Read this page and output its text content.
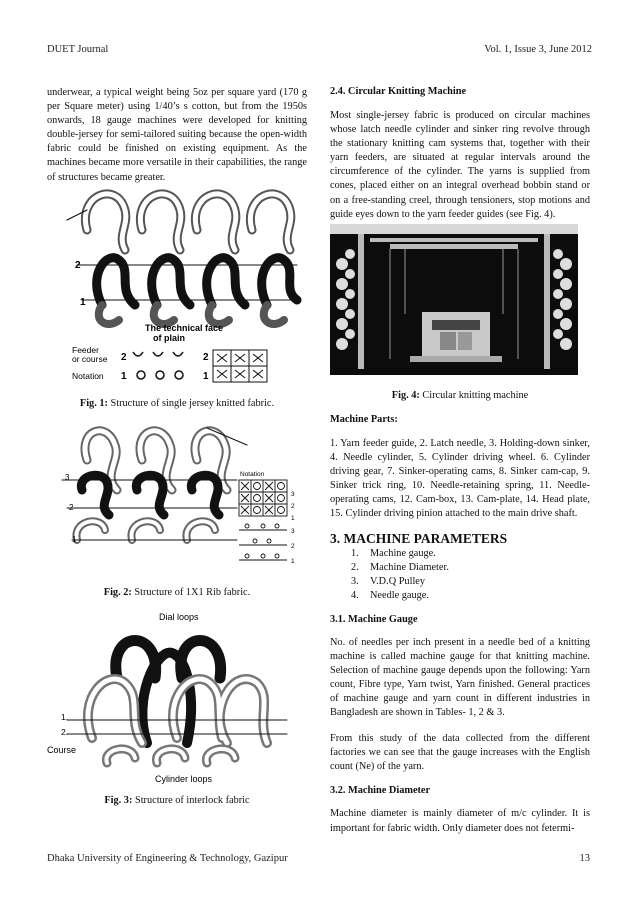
DUET Journal	Vol. 1, Issue 3, June 2012

underwear, a typical weight being 5oz per square yard (170 g per Square meter) using 1/40’s s cotton, but from the 1950s onwards, 18 gauge machines were developed for knitting double-jersey for semi-tailored suiting because the open-width fabric could be finished on existing equipment. As the machines became more versatile in their capabilities, the range of structures became greater.

2
1
The technical face
of plain
Feeder
or course
Notation
2
1
2
1
Fig. 1: Structure of single jersey knitted fabric.
3
2
1
Notation
3
2
1
3
2
1
Fig. 2: Structure of 1X1 Rib fabric.
Dial loops
1.
2.
Course
Cylinder loops
Fig. 3: Structure of interlock fabric
2.4. Circular Knitting Machine

Most single-jersey fabric is produced on circular machines whose latch needle cylinder and sinker ring revolve through the stationary knitting cam systems that, together with their yarn feeders, are situated at regular intervals around the circumference of the cylinder. The yarns is supplied from cones, placed either on an integral overhead bobbin stand or on a free-standing creel, through tensioners, stop motions and guide eyes down to the yarn feeder guides (see Fig. 4).

Fig. 4: Circular knitting machine
Machine Parts:

1. Yarn feeder guide, 2. Latch needle, 3. Holding-down sinker, 4. Needle cylinder, 5. Cylinder driving wheel. 6. Cylinder driving gear, 7. Sinker-operating cams, 8. Sinker cam-cap, 9. Sinker trick ring, 10. Needle-retaining spring, 11. Needle-operating cams, 12. Cam-box, 13. Cam-plate, 14. Head plate, 15. Cylinder driving pinion attached to the main drive shaft.

3. MACHINE PARAMETERS
1. Machine gauge.
2. Machine Diameter.
3. V.D.Q Pulley
4. Needle gauge.
3.1. Machine Gauge

No. of needles per inch present in a needle bed of a knitting machine is called machine gauge for that knitting machine. Selection of machine gauge depends upon the following: Yarn count, Fibre type, Yarn twist, Yarn finished. General practices of machine gauge and yarn count in different industries in Bangladesh are shown in Tables- 1, 2 & 3.

From this study of the data collected from the different factories we can see that the gauge increases with the English count (Ne) of the yarn.

3.2. Machine Diameter

Machine diameter is mainly diameter of m/c cylinder. It is important for fabric width. Only diameter does not fetermi-

Dhaka University of Engineering & Technology, Gazipur	13
